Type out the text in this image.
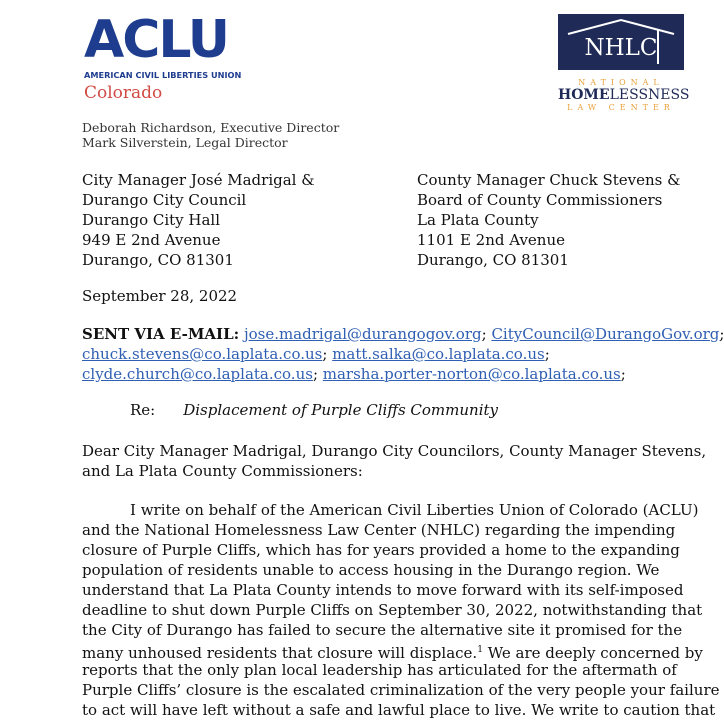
ACLU
AMERICAN CIVIL LIBERTIES UNION
Colorado
Deborah Richardson, Executive Director
Mark Silverstein, Legal Director
NHLC
NATIONAL
HOMELESSNESS
LAW CENTER
City Manager José Madrigal &
Durango City Council
Durango City Hall
949 E 2nd Avenue
Durango, CO 81301
County Manager Chuck Stevens &
Board of County Commissioners
La Plata County
1101 E 2nd Avenue
Durango, CO 81301
September 28, 2022
SENT VIA E-MAIL: jose.madrigal@durangogov.org; CityCouncil@DurangoGov.org;
chuck.stevens@co.laplata.co.us; matt.salka@co.laplata.co.us;
clyde.church@co.laplata.co.us; marsha.porter-norton@co.laplata.co.us;
Re: Displacement of Purple Cliffs Community
Dear City Manager Madrigal, Durango City Councilors, County Manager Stevens,
and La Plata County Commissioners:
I write on behalf of the American Civil Liberties Union of Colorado (ACLU)
and the National Homelessness Law Center (NHLC) regarding the impending
closure of Purple Cliffs, which has for years provided a home to the expanding
population of residents unable to access housing in the Durango region. We
understand that La Plata County intends to move forward with its self-imposed
deadline to shut down Purple Cliffs on September 30, 2022, notwithstanding that
the City of Durango has failed to secure the alternative site it promised for the
many unhoused residents that closure will displace.$^1$ We are deeply concerned by
reports that the only plan local leadership has articulated for the aftermath of
Purple Cliffs’ closure is the escalated criminalization of the very people your failure
to act will have left without a safe and lawful place to live. We write to caution that
